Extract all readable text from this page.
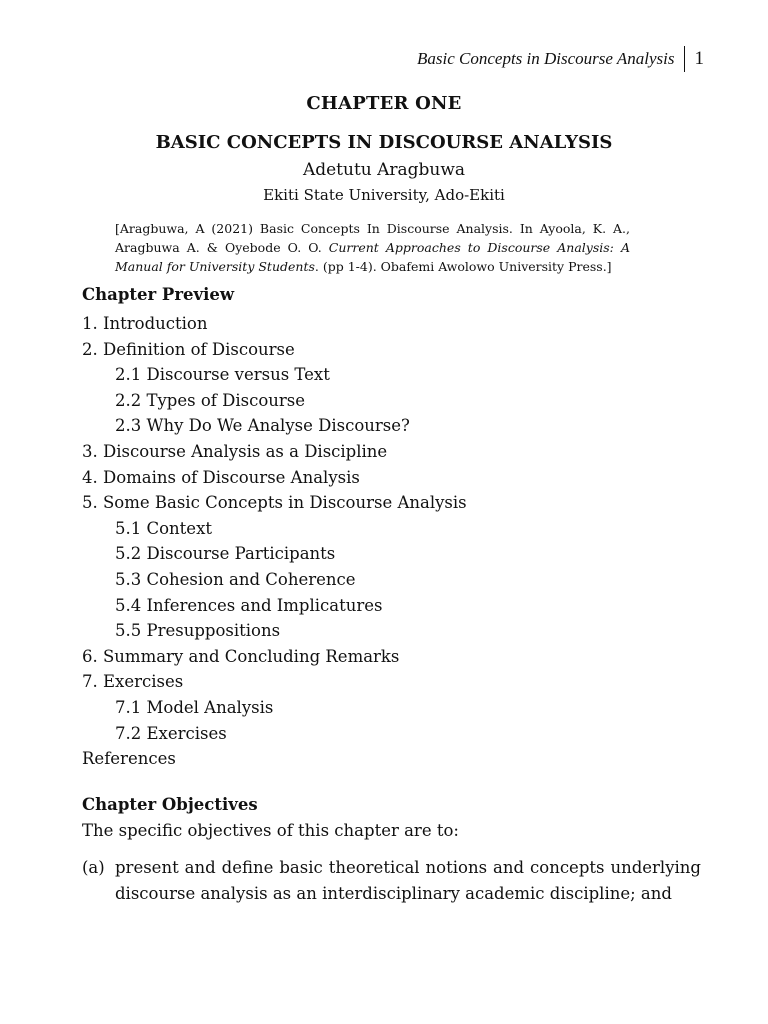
Basic Concepts in Discourse Analysis	1
CHAPTER ONE
BASIC CONCEPTS IN DISCOURSE ANALYSIS
Adetutu Aragbuwa
Ekiti State University, Ado-Ekiti
[Aragbuwa, A (2021) Basic Concepts In Discourse Analysis. In Ayoola, K. A., Aragbuwa A. & Oyebode O. O. Current Approaches to Discourse Analysis: A Manual for University Students. (pp 1-4). Obafemi Awolowo University Press.]
Chapter Preview
1. Introduction
2. Definition of Discourse
2.1 Discourse versus Text
2.2 Types of Discourse
2.3 Why Do We Analyse Discourse?
3. Discourse Analysis as a Discipline
4. Domains of Discourse Analysis
5. Some Basic Concepts in Discourse Analysis
5.1 Context
5.2 Discourse Participants
5.3 Cohesion and Coherence
5.4 Inferences and Implicatures
5.5 Presuppositions
6. Summary and Concluding Remarks
7. Exercises
7.1 Model Analysis
7.2 Exercises
References
Chapter Objectives
The specific objectives of this chapter are to:
(a) present and define basic theoretical notions and concepts underlying discourse analysis as an interdisciplinary academic discipline; and
